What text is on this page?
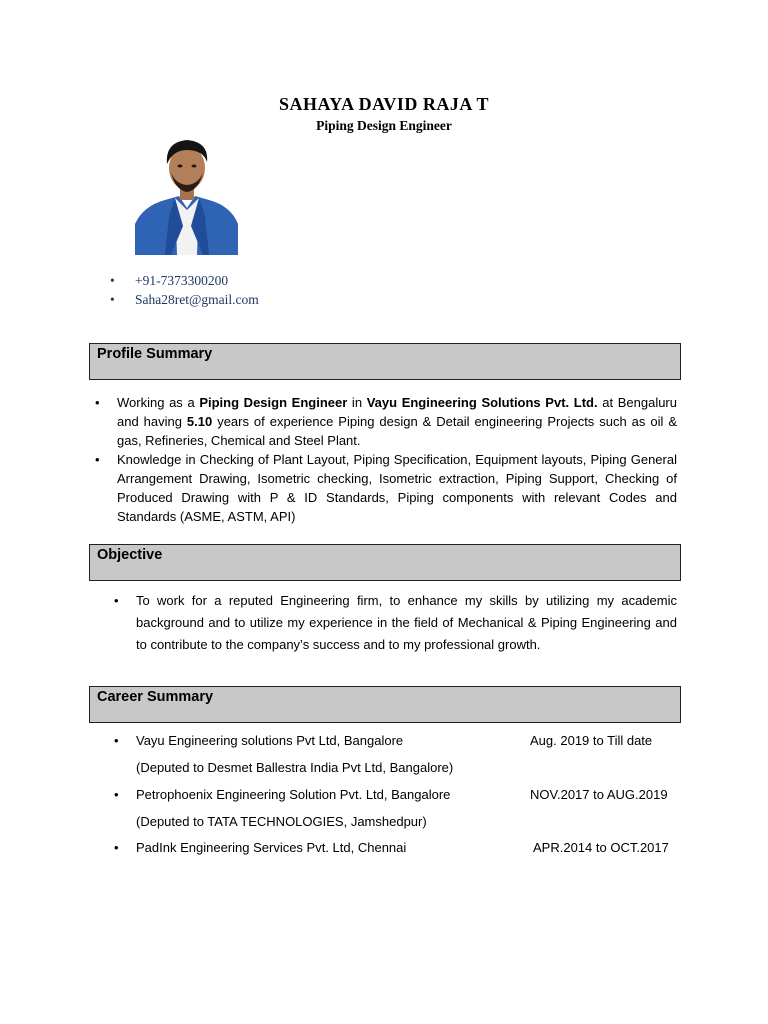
SAHAYA DAVID RAJA T
Piping Design Engineer
• +91-7373300200
• Saha28ret@gmail.com
Profile Summary
• Working as a Piping Design Engineer in Vayu Engineering Solutions Pvt. Ltd. at Bengaluru and having 5.10 years of experience Piping design & Detail engineering Projects such as oil & gas, Refineries, Chemical and Steel Plant.
• Knowledge in Checking of Plant Layout, Piping Specification, Equipment layouts, Piping General Arrangement Drawing, Isometric checking, Isometric extraction, Piping Support, Checking of Produced Drawing with P & ID Standards, Piping components with relevant Codes and Standards (ASME, ASTM, API)
Objective
• To work for a reputed Engineering firm, to enhance my skills by utilizing my academic background and to utilize my experience in the field of Mechanical & Piping Engineering and to contribute to the company’s success and to my professional growth.
Career Summary
• Vayu Engineering solutions Pvt Ltd, Bangalore	Aug. 2019 to Till date
(Deputed to Desmet Ballestra India Pvt Ltd, Bangalore)
• Petrophoenix Engineering Solution Pvt. Ltd, Bangalore	NOV.2017 to AUG.2019
(Deputed to TATA TECHNOLOGIES, Jamshedpur)
• PadInk Engineering Services Pvt. Ltd, Chennai	APR.2014 to OCT.2017
